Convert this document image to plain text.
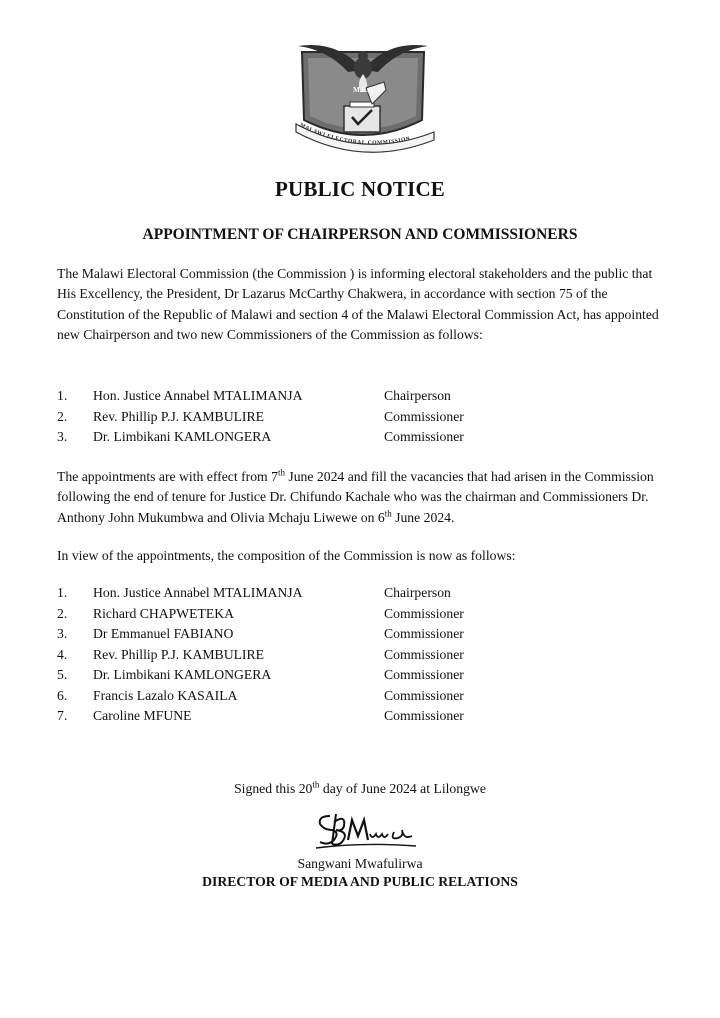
MALAWI ELECTORAL COMMISSION
M.E.C
PUBLIC NOTICE
APPOINTMENT OF CHAIRPERSON AND COMMISSIONERS

The Malawi Electoral Commission (the Commission ) is informing electoral stakeholders and the public that His Excellency, the President, Dr Lazarus McCarthy Chakwera, in accordance with section 75 of the Constitution of the Republic of Malawi and section 4 of the Malawi Electoral Commission Act, has appointed new Chairperson and two new Commissioners of the Commission as follows:

1. Hon. Justice Annabel MTALIMANJA	Chairperson
2. Rev. Phillip P.J. KAMBULIRE	Commissioner
3. Dr. Limbikani KAMLONGERA	Commissioner

The appointments are with effect from 7th June 2024 and fill the vacancies that had arisen in the Commission following the end of tenure for Justice Dr. Chifundo Kachale who was the chairman and Commissioners Dr. Anthony John Mukumbwa and Olivia Mchaju Liwewe on 6th June 2024.

In view of the appointments, the composition of the Commission is now as follows:

1. Hon. Justice Annabel MTALIMANJA	Chairperson
2. Richard CHAPWETEKA	Commissioner
3. Dr Emmanuel FABIANO	Commissioner
4. Rev. Phillip P.J. KAMBULIRE	Commissioner
5. Dr. Limbikani KAMLONGERA	Commissioner
6. Francis Lazalo KASAILA	Commissioner
7. Caroline MFUNE	Commissioner
Signed this 20th day of June 2024 at Lilongwe
Sangwani Mwafulirwa
DIRECTOR OF MEDIA AND PUBLIC RELATIONS
